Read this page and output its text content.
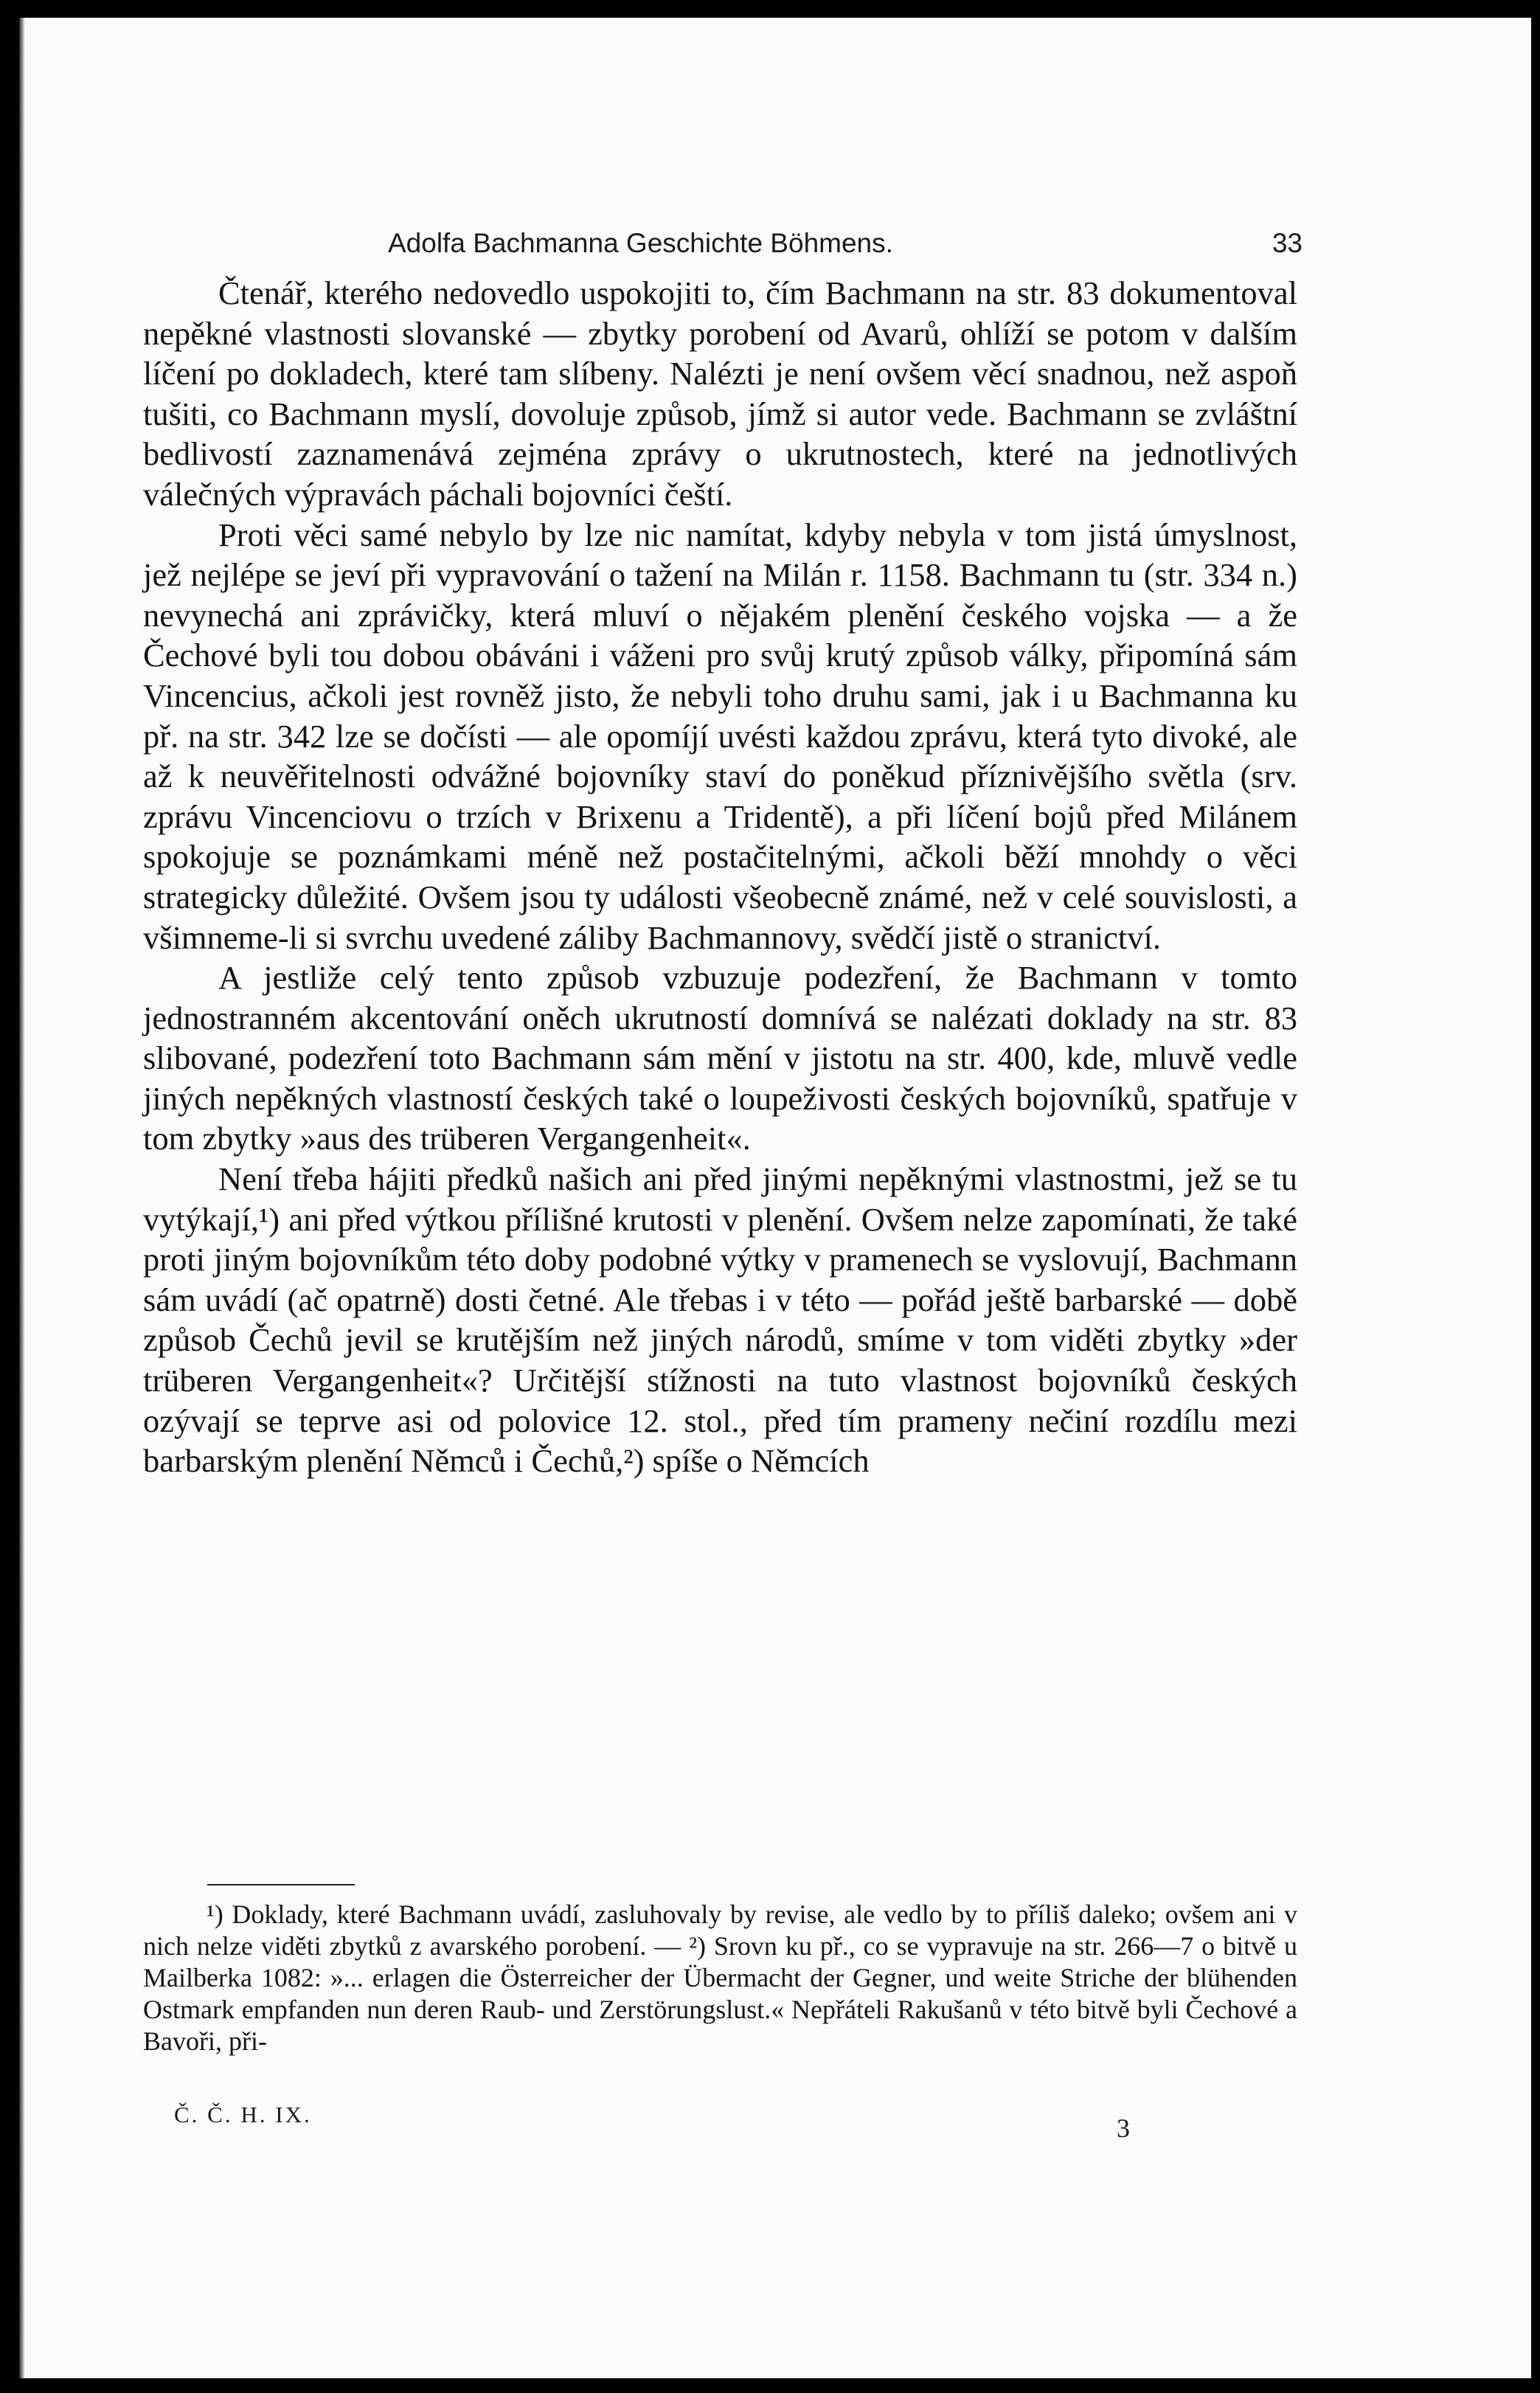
Adolfa Bachmanna Geschichte Böhmens.	33

Čtenář, kterého nedovedlo uspokojiti to, čím Bachmann na str. 83 dokumentoval nepěkné vlastnosti slovanské — zbytky porobení od Avarů, ohlíží se potom v dalším líčení po dokladech, které tam slíbeny. Nalézti je není ovšem věcí snadnou, než aspoň tušiti, co Bachmann myslí, dovoluje způsob, jímž si autor vede. Bachmann se zvláštní bedlivostí zaznamenává zejména zprávy o ukrutnostech, které na jednotlivých válečných výpravách páchali bojovníci čeští.

Proti věci samé nebylo by lze nic namítat, kdyby nebyla v tom jistá úmyslnost, jež nejlépe se jeví při vypravování o tažení na Milán r. 1158. Bachmann tu (str. 334 n.) nevynechá ani zprávičky, která mluví o nějakém plenění českého vojska — a že Čechové byli tou dobou obáváni i váženi pro svůj krutý způsob války, připomíná sám Vincencius, ačkoli jest rovněž jisto, že nebyli toho druhu sami, jak i u Bachmanna ku př. na str. 342 lze se dočísti — ale opomíjí uvésti každou zprávu, která tyto divoké, ale až k neuvěřitelnosti odvážné bojovníky staví do poněkud příznivějšího světla (srv. zprávu Vincenciovu o trzích v Brixenu a Tridentě), a při líčení bojů před Milánem spokojuje se poznámkami méně než postačitelnými, ačkoli běží mnohdy o věci strategicky důležité. Ovšem jsou ty události všeobecně známé, než v celé souvislosti, a všimneme-li si svrchu uvedené záliby Bachmannovy, svědčí jistě o stranictví.

A jestliže celý tento způsob vzbuzuje podezření, že Bachmann v tomto jednostranném akcentování oněch ukrutností domnívá se nalézati doklady na str. 83 slibované, podezření toto Bachmann sám mění v jistotu na str. 400, kde, mluvě vedle jiných nepěkných vlastností českých také o loupeživosti českých bojovníků, spatřuje v tom zbytky »aus des trüberen Vergangenheit«.

Není třeba hájiti předků našich ani před jinými nepěknými vlastnostmi, jež se tu vytýkají,¹) ani před výtkou přílišné krutosti v plenění. Ovšem nelze zapomínati, že také proti jiným bojovníkům této doby podobné výtky v pramenech se vyslovují, Bachmann sám uvádí (ač opatrně) dosti četné. Ale třebas i v této — pořád ještě barbarské — době způsob Čechů jevil se krutějším než jiných národů, smíme v tom viděti zbytky »der trüberen Vergangenheit«? Určitější stížnosti na tuto vlastnost bojovníků českých ozývají se teprve asi od polovice 12. stol., před tím prameny nečiní rozdílu mezi barbarským plenění Němců i Čechů,²) spíše o Němcích

¹) Doklady, které Bachmann uvádí, zasluhovaly by revise, ale vedlo by to příliš daleko; ovšem ani v nich nelze viděti zbytků z avarského porobení. — ²) Srovn ku př., co se vypravuje na str. 266—7 o bitvě u Mailberka 1082: »... erlagen die Österreicher der Übermacht der Gegner, und weite Striche der blühenden Ostmark empfanden nun deren Raub- und Zerstörungslust.« Nepřáteli Rakušanů v této bitvě byli Čechové a Bavoři, při-

Č. Č. H. IX.	3
